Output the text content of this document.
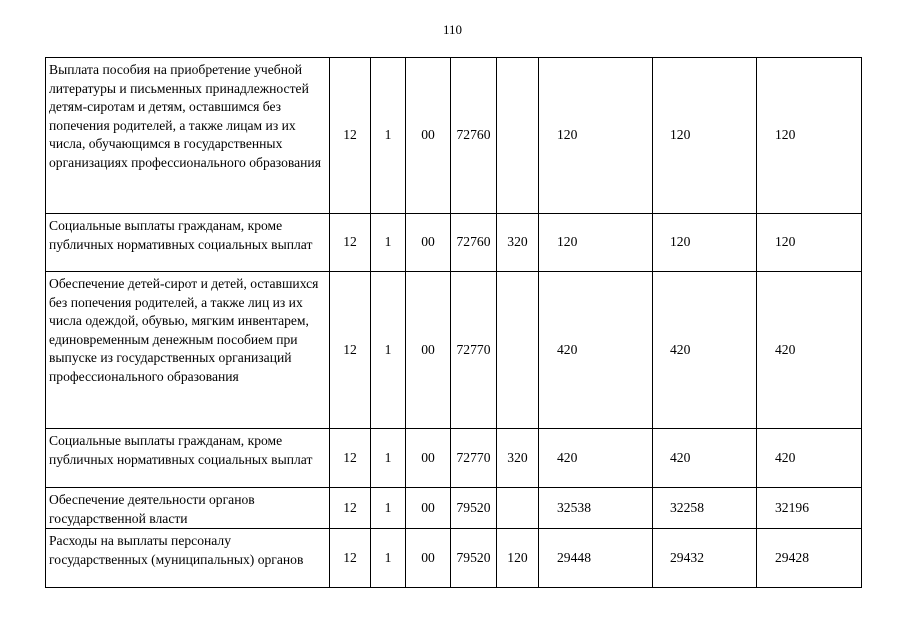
110
Выплата пособия на приобретение учебной литературы и письменных принадлежностей детям-сиротам и детям, оставшимся без попечения родителей, а также лицам из их числа, обучающимся в государственных организациях профессионального образования	12	1	00	72760		120	120	120
Социальные выплаты гражданам, кроме публичных нормативных социальных выплат	12	1	00	72760	320	120	120	120
Обеспечение детей-сирот и детей, оставшихся без попечения родителей, а также лиц из их числа одеждой, обувью, мягким инвентарем, единовременным денежным пособием при выпуске из государственных организаций профессионального образования	12	1	00	72770		420	420	420
Социальные выплаты гражданам, кроме публичных нормативных социальных выплат	12	1	00	72770	320	420	420	420
Обеспечение деятельности органов государственной власти	12	1	00	79520		32538	32258	32196
Расходы на выплаты персоналу государственных (муниципальных) органов	12	1	00	79520	120	29448	29432	29428
